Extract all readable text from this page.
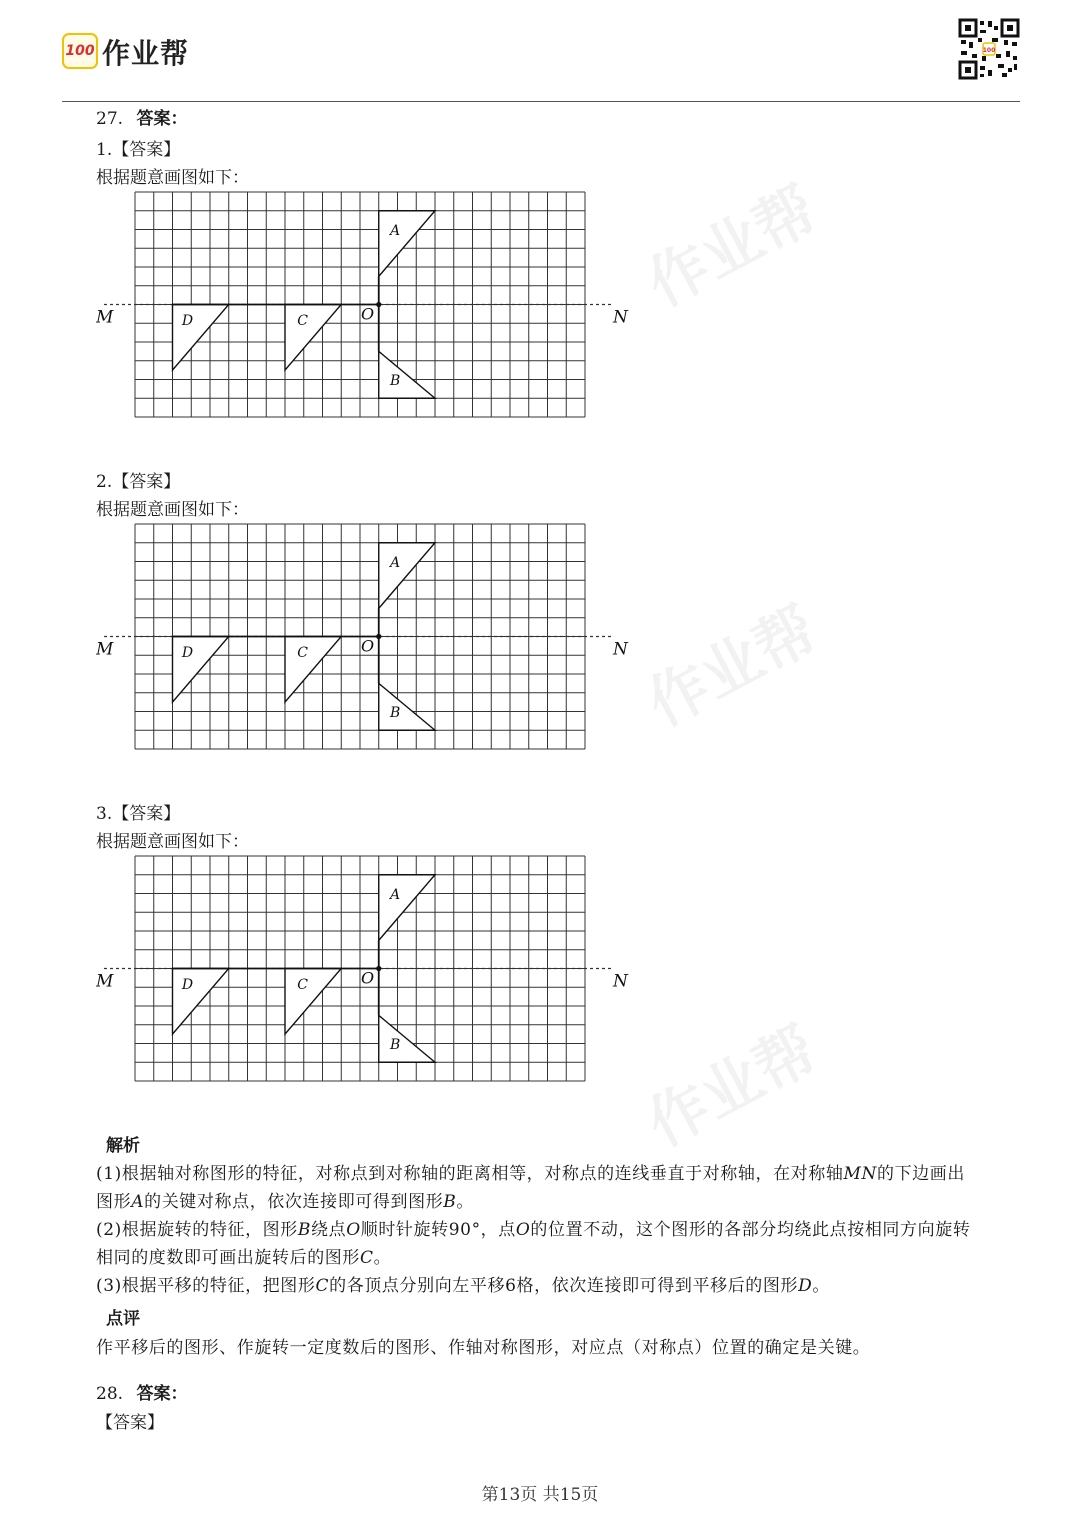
100 作业帮	100
作业帮
作业帮
作业帮
27. 答案：
1.【答案】
根据题意画图如下：
A
B
C
D	O
M	N
2.【答案】
根据题意画图如下：
A
B
C
D	O
M	N
3.【答案】
根据题意画图如下：
A
B
C
D	O
M	N
解析
(1)根据轴对称图形的特征，对称点到对称轴的距离相等，对称点的连线垂直于对称轴，在对称轴MN的下边画出
图形A的关键对称点，依次连接即可得到图形B。
(2)根据旋转的特征，图形B绕点O顺时针旋转90°，点O的位置不动，这个图形的各部分均绕此点按相同方向旋转
相同的度数即可画出旋转后的图形C。
(3)根据平移的特征，把图形C的各顶点分别向左平移6格，依次连接即可得到平移后的图形D。
点评
作平移后的图形、作旋转一定度数后的图形、作轴对称图形，对应点（对称点）位置的确定是关键。
28. 答案：
【答案】
第13页 共15页
